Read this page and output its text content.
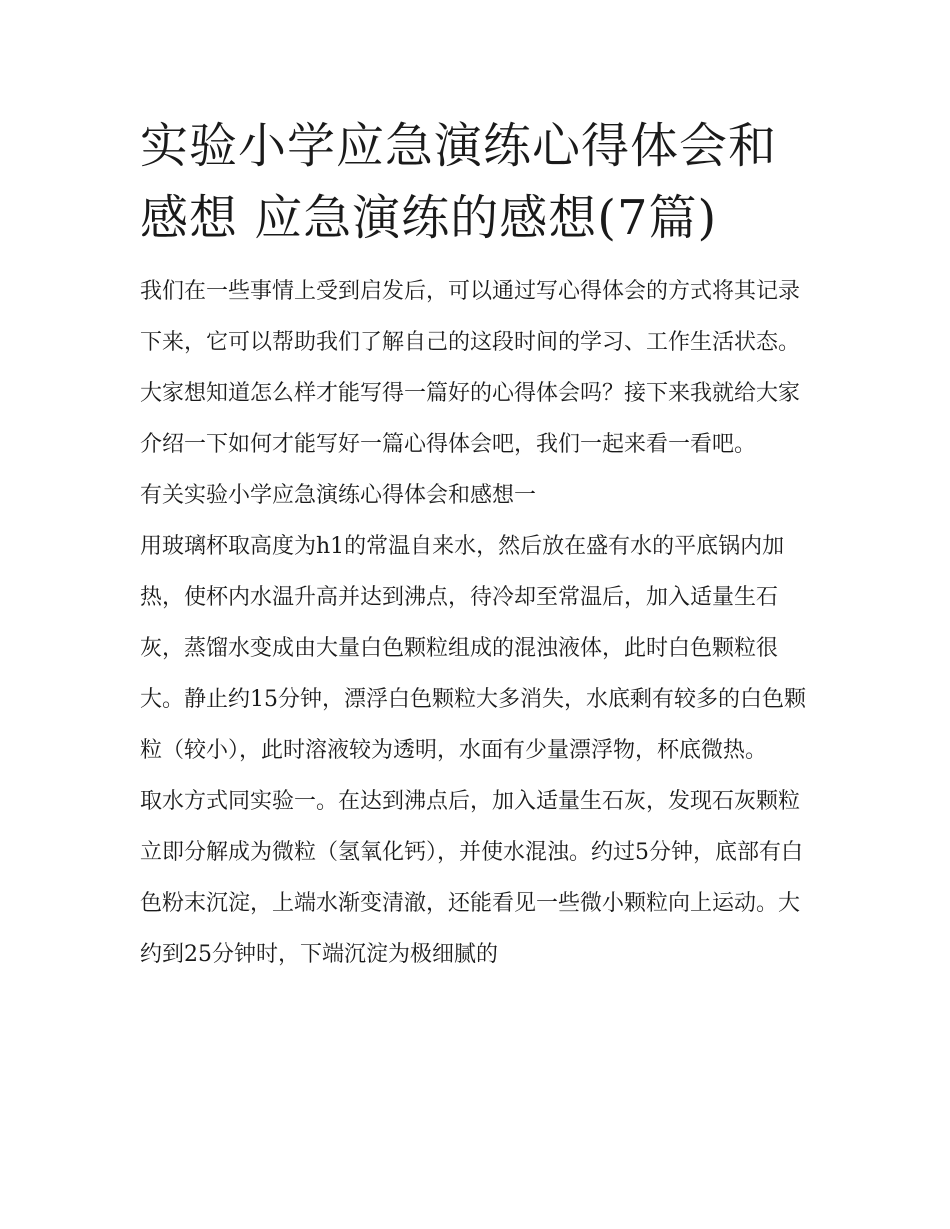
实验小学应急演练心得体会和感想 应急演练的感想(7篇)

我们在一些事情上受到启发后，可以通过写心得体会的方式将其记录下来，它可以帮助我们了解自己的这段时间的学习、工作生活状态。大家想知道怎么样才能写得一篇好的心得体会吗？接下来我就给大家介绍一下如何才能写好一篇心得体会吧，我们一起来看一看吧。

有关实验小学应急演练心得体会和感想一

用玻璃杯取高度为h1的常温自来水，然后放在盛有水的平底锅内加热，使杯内水温升高并达到沸点，待冷却至常温后，加入适量生石灰，蒸馏水变成由大量白色颗粒组成的混浊液体，此时白色颗粒很大。静止约15分钟，漂浮白色颗粒大多消失，水底剩有较多的白色颗粒（较小），此时溶液较为透明，水面有少量漂浮物，杯底微热。

取水方式同实验一。在达到沸点后，加入适量生石灰，发现石灰颗粒立即分解成为微粒（氢氧化钙），并使水混浊。约过5分钟，底部有白色粉末沉淀，上端水渐变清澈，还能看见一些微小颗粒向上运动。大约到25分钟时，下端沉淀为极细腻的
